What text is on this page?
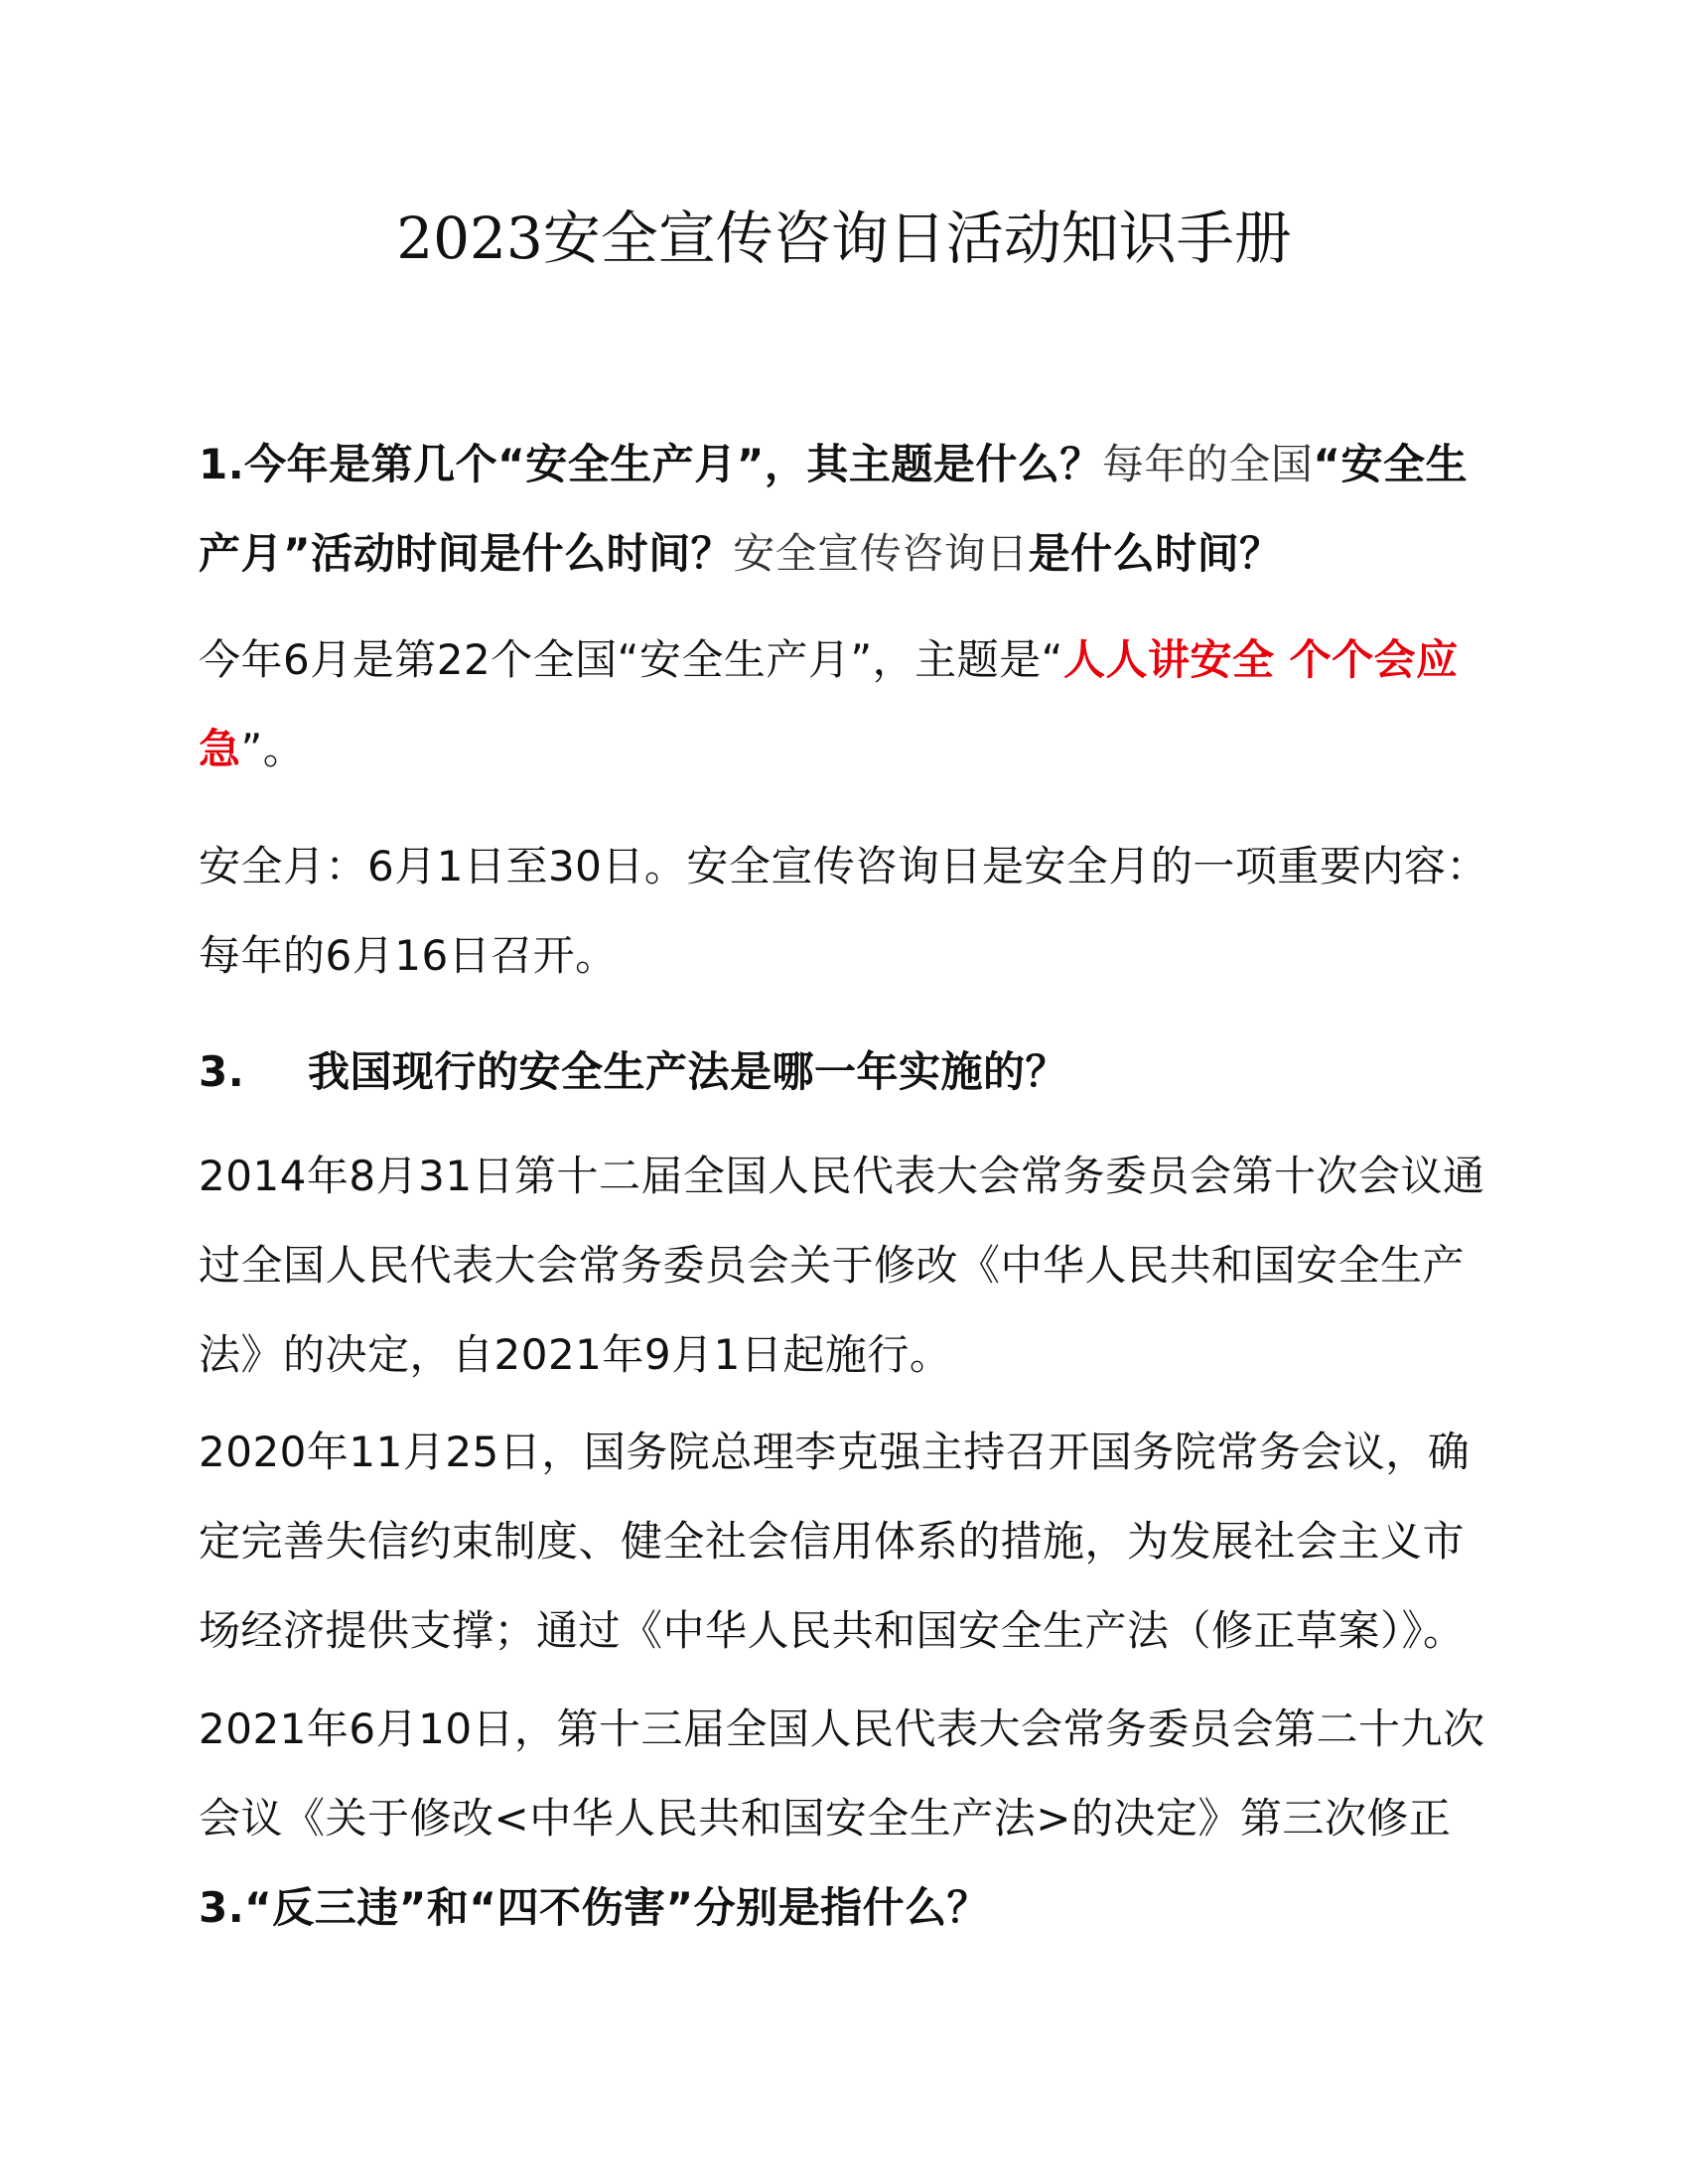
2023安全宣传咨询日活动知识手册

1.今年是第几个“安全生产月”，其主题是什么？每年的全国“安全生产月”活动时间是什么时间？安全宣传咨询日是什么时间？

今年6月是第22个全国“安全生产月”，主题是“人人讲安全 个个会应急”。

安全月：6月1日至30日。安全宣传咨询日是安全月的一项重要内容：每年的6月16日召开。

3. 我国现行的安全生产法是哪一年实施的？

2014年8月31日第十二届全国人民代表大会常务委员会第十次会议通过全国人民代表大会常务委员会关于修改《中华人民共和国安全生产法》的决定，自2021年9月1日起施行。

2020年11月25日，国务院总理李克强主持召开国务院常务会议，确定完善失信约束制度、健全社会信用体系的措施，为发展社会主义市场经济提供支撑；通过《中华人民共和国安全生产法（修正草案）》。

2021年6月10日，第十三届全国人民代表大会常务委员会第二十九次会议《关于修改<中华人民共和国安全生产法>的决定》第三次修正

3.“反三违”和“四不伤害”分别是指什么？
